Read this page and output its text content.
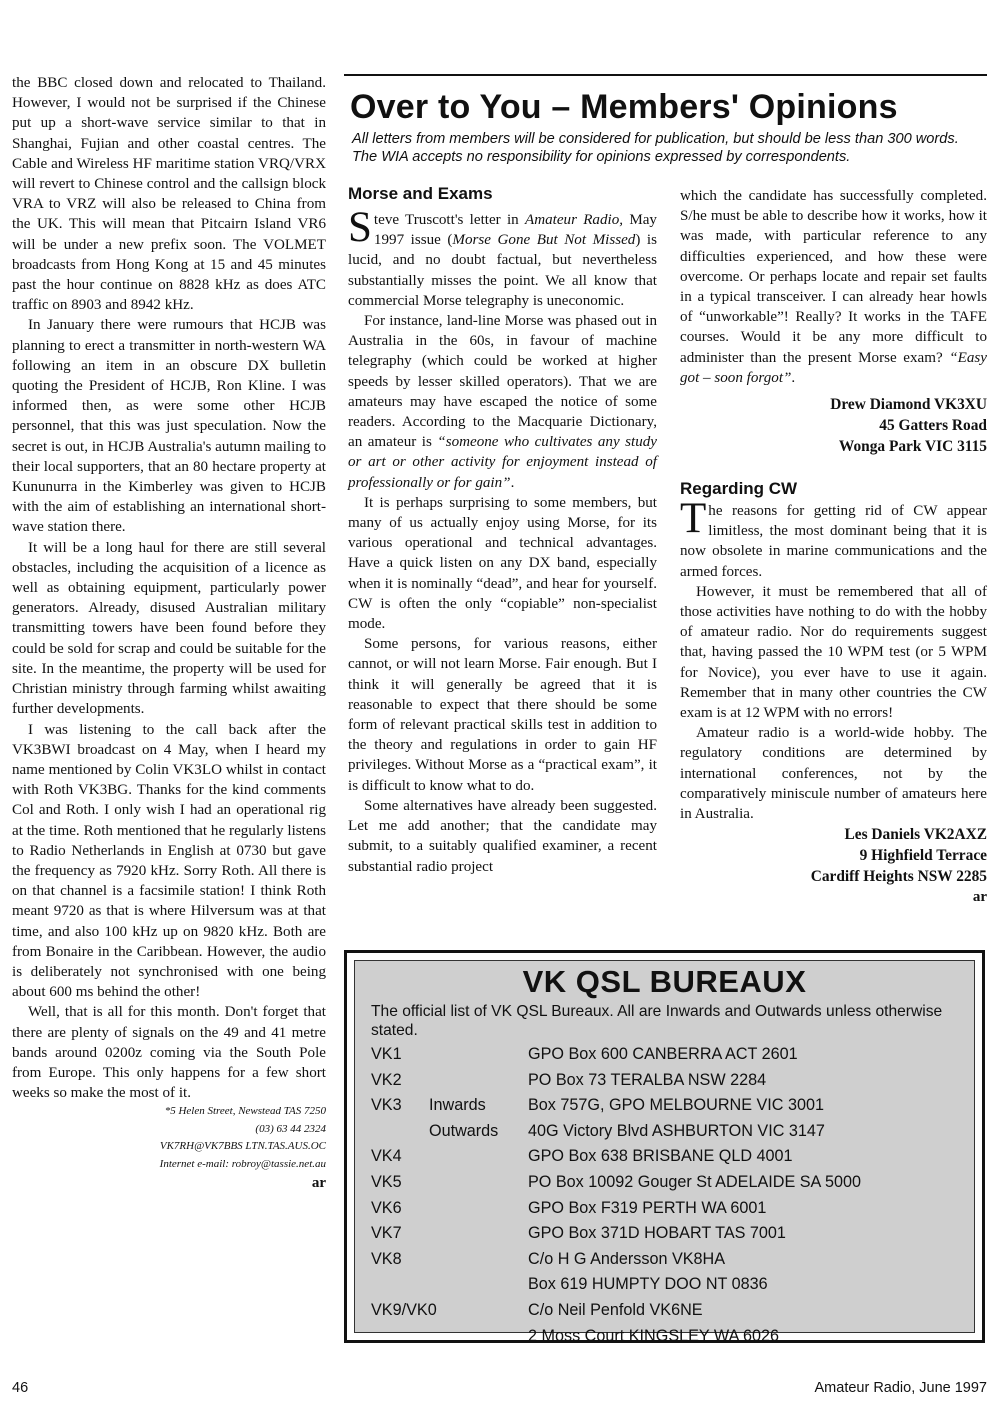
the BBC closed down and relocated to Thailand. However, I would not be surprised if the Chinese put up a short-wave service similar to that in Shanghai, Fujian and other coastal centres. The Cable and Wireless HF maritime station VRQ/VRX will revert to Chinese control and the callsign block VRA to VRZ will also be released to China from the UK. This will mean that Pitcairn Island VR6 will be under a new prefix soon. The VOLMET broadcasts from Hong Kong at 15 and 45 minutes past the hour continue on 8828 kHz as does ATC traffic on 8903 and 8942 kHz.

In January there were rumours that HCJB was planning to erect a transmitter in north-western WA following an item in an obscure DX bulletin quoting the President of HCJB, Ron Kline. I was informed then, as were some other HCJB personnel, that this was just speculation. Now the secret is out, in HCJB Australia's autumn mailing to their local supporters, that an 80 hectare property at Kununurra in the Kimberley was given to HCJB with the aim of establishing an international short-wave station there.

It will be a long haul for there are still several obstacles, including the acquisition of a licence as well as obtaining equipment, particularly power generators. Already, disused Australian military transmitting towers have been found before they could be sold for scrap and could be suitable for the site. In the meantime, the property will be used for Christian ministry through farming whilst awaiting further developments.

I was listening to the call back after the VK3BWI broadcast on 4 May, when I heard my name mentioned by Colin VK3LO whilst in contact with Roth VK3BG. Thanks for the kind comments Col and Roth. I only wish I had an operational rig at the time. Roth mentioned that he regularly listens to Radio Netherlands in English at 0730 but gave the frequency as 7920 kHz. Sorry Roth. All there is on that channel is a facsimile station! I think Roth meant 9720 as that is where Hilversum was at that time, and also 100 kHz up on 9820 kHz. Both are from Bonaire in the Caribbean. However, the audio is deliberately not synchronised with one being about 600 ms behind the other!

Well, that is all for this month. Don't forget that there are plenty of signals on the 49 and 41 metre bands around 0200z coming via the South Pole from Europe. This only happens for a few short weeks so make the most of it.

*5 Helen Street, Newstead TAS 7250
(03) 63 44 2324
VK7RH@VK7BBS LTN.TAS.AUS.OC
Internet e-mail: robroy@tassie.net.au
ar
Over to You – Members' Opinions

All letters from members will be considered for publication, but should be less than 300 words. The WIA accepts no responsibility for opinions expressed by correspondents.

Morse and Exams

Steve Truscott's letter in Amateur Radio, May 1997 issue (Morse Gone But Not Missed) is lucid, and no doubt factual, but nevertheless substantially misses the point. We all know that commercial Morse telegraphy is uneconomic.

For instance, land-line Morse was phased out in Australia in the 60s, in favour of machine telegraphy (which could be worked at higher speeds by lesser skilled operators). That we are amateurs may have escaped the notice of some readers. According to the Macquarie Dictionary, an amateur is “someone who cultivates any study or art or other activity for enjoyment instead of professionally or for gain”.

It is perhaps surprising to some members, but many of us actually enjoy using Morse, for its various operational and technical advantages. Have a quick listen on any DX band, especially when it is nominally “dead”, and hear for yourself. CW is often the only “copiable” non-specialist mode.

Some persons, for various reasons, either cannot, or will not learn Morse. Fair enough. But I think it will generally be agreed that it is reasonable to expect that there should be some form of relevant practical skills test in addition to the theory and regulations in order to gain HF privileges. Without Morse as a “practical exam”, it is difficult to know what to do.

Some alternatives have already been suggested. Let me add another; that the candidate may submit, to a suitably qualified examiner, a recent substantial radio project

which the candidate has successfully completed. S/he must be able to describe how it works, how it was made, with particular reference to any difficulties experienced, and how these were overcome. Or perhaps locate and repair set faults in a typical transceiver. I can already hear howls of “unworkable”! Really? It works in the TAFE courses. Would it be any more difficult to administer than the present Morse exam? “Easy got – soon forgot”.

Drew Diamond VK3XU
45 Gatters Road
Wonga Park VIC 3115
Regarding CW

The reasons for getting rid of CW appear limitless, the most dominant being that it is now obsolete in marine communications and the armed forces.

However, it must be remembered that all of those activities have nothing to do with the hobby of amateur radio. Nor do requirements suggest that, having passed the 10 WPM test (or 5 WPM for Novice), you ever have to use it again. Remember that in many other countries the CW exam is at 12 WPM with no errors!

Amateur radio is a world-wide hobby. The regulatory conditions are determined by international conferences, not by the comparatively miniscule number of amateurs here in Australia.

Les Daniels VK2AXZ
9 Highfield Terrace
Cardiff Heights NSW 2285
ar
VK QSL BUREAUX

The official list of VK QSL Bureaux. All are Inwards and Outwards unless otherwise stated.

VK1	GPO Box 600 CANBERRA ACT 2601
VK2	PO Box 73 TERALBA NSW 2284
VK3 Inwards	Box 757G, GPO MELBOURNE VIC 3001
Outwards 40G Victory Blvd ASHBURTON VIC 3147
VK4	GPO Box 638 BRISBANE QLD 4001
VK5	PO Box 10092 Gouger St ADELAIDE SA 5000
VK6	GPO Box F319 PERTH WA 6001
VK7	GPO Box 371D HOBART TAS 7001
VK8	C/o H G Andersson VK8HA
Box 619 HUMPTY DOO NT 0836
VK9/VK0	C/o Neil Penfold VK6NE
2 Moss Court KINGSLEY WA 6026
46	Amateur Radio, June 1997
